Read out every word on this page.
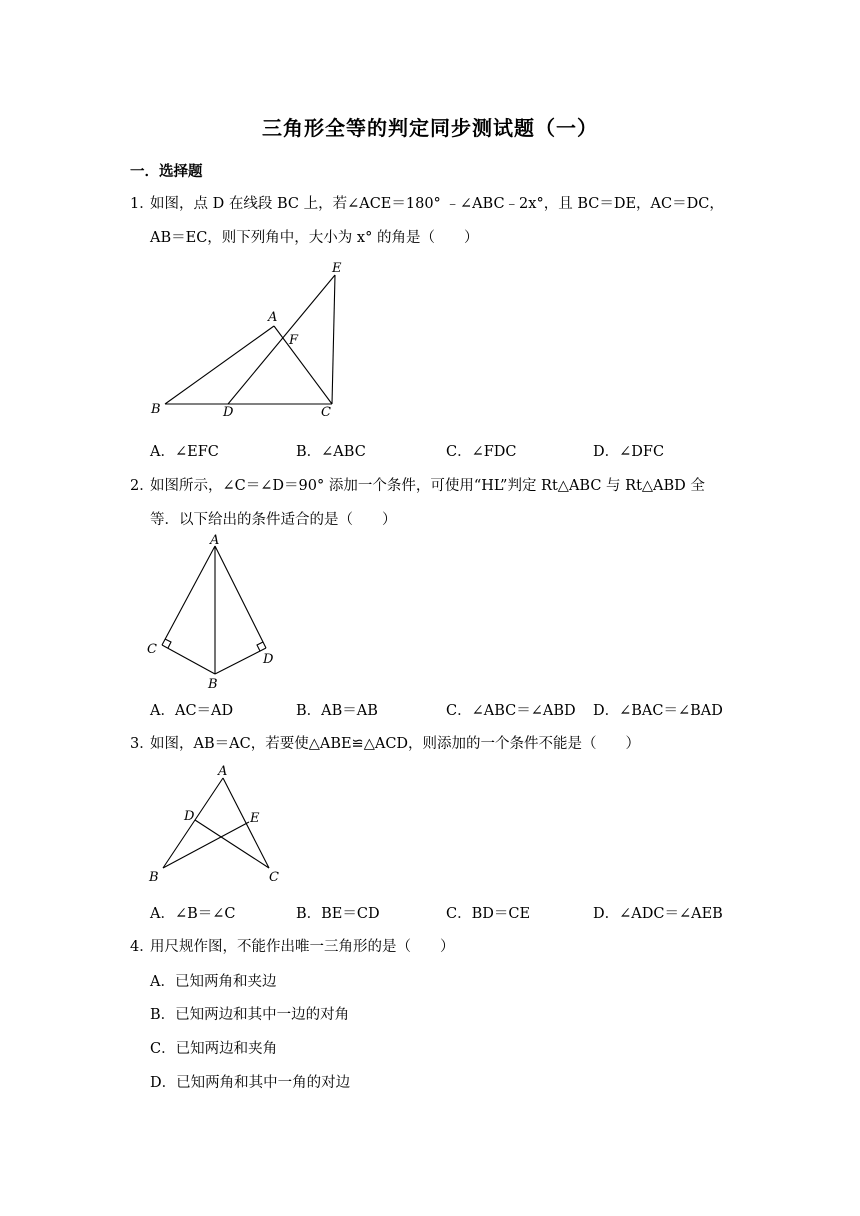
三角形全等的判定同步测试题（一）
一．选择题
1．
如图，点 D 在线段 BC 上，若∠ACE＝180° ﹣∠ABC﹣2x°，且 BC＝DE，AC＝DC，
AB＝EC，则下列角中，大小为 x° 的角是（　　）
E
A
F
B	D	C
A．∠EFC	B．∠ABC	C．∠FDC	D．∠DFC
2．
如图所示，∠C＝∠D＝90° 添加一个条件，可使用“HL”判定 Rt△ABC 与 Rt△ABD 全
等．以下给出的条件适合的是（　　）
A
C
D
B
A．AC＝AD	B．AB＝AB	C．∠ABC＝∠ABD D．∠BAC＝∠BAD
3．
如图，AB＝AC，若要使△ABE≌△ACD，则添加的一个条件不能是（　　）
A
D	E
B	C
A．∠B＝∠C	B．BE＝CD	C．BD＝CE	D．∠ADC＝∠AEB
4．
用尺规作图，不能作出唯一三角形的是（　　）
A．已知两角和夹边
B．已知两边和其中一边的对角
C．已知两边和夹角
D．已知两角和其中一角的对边
